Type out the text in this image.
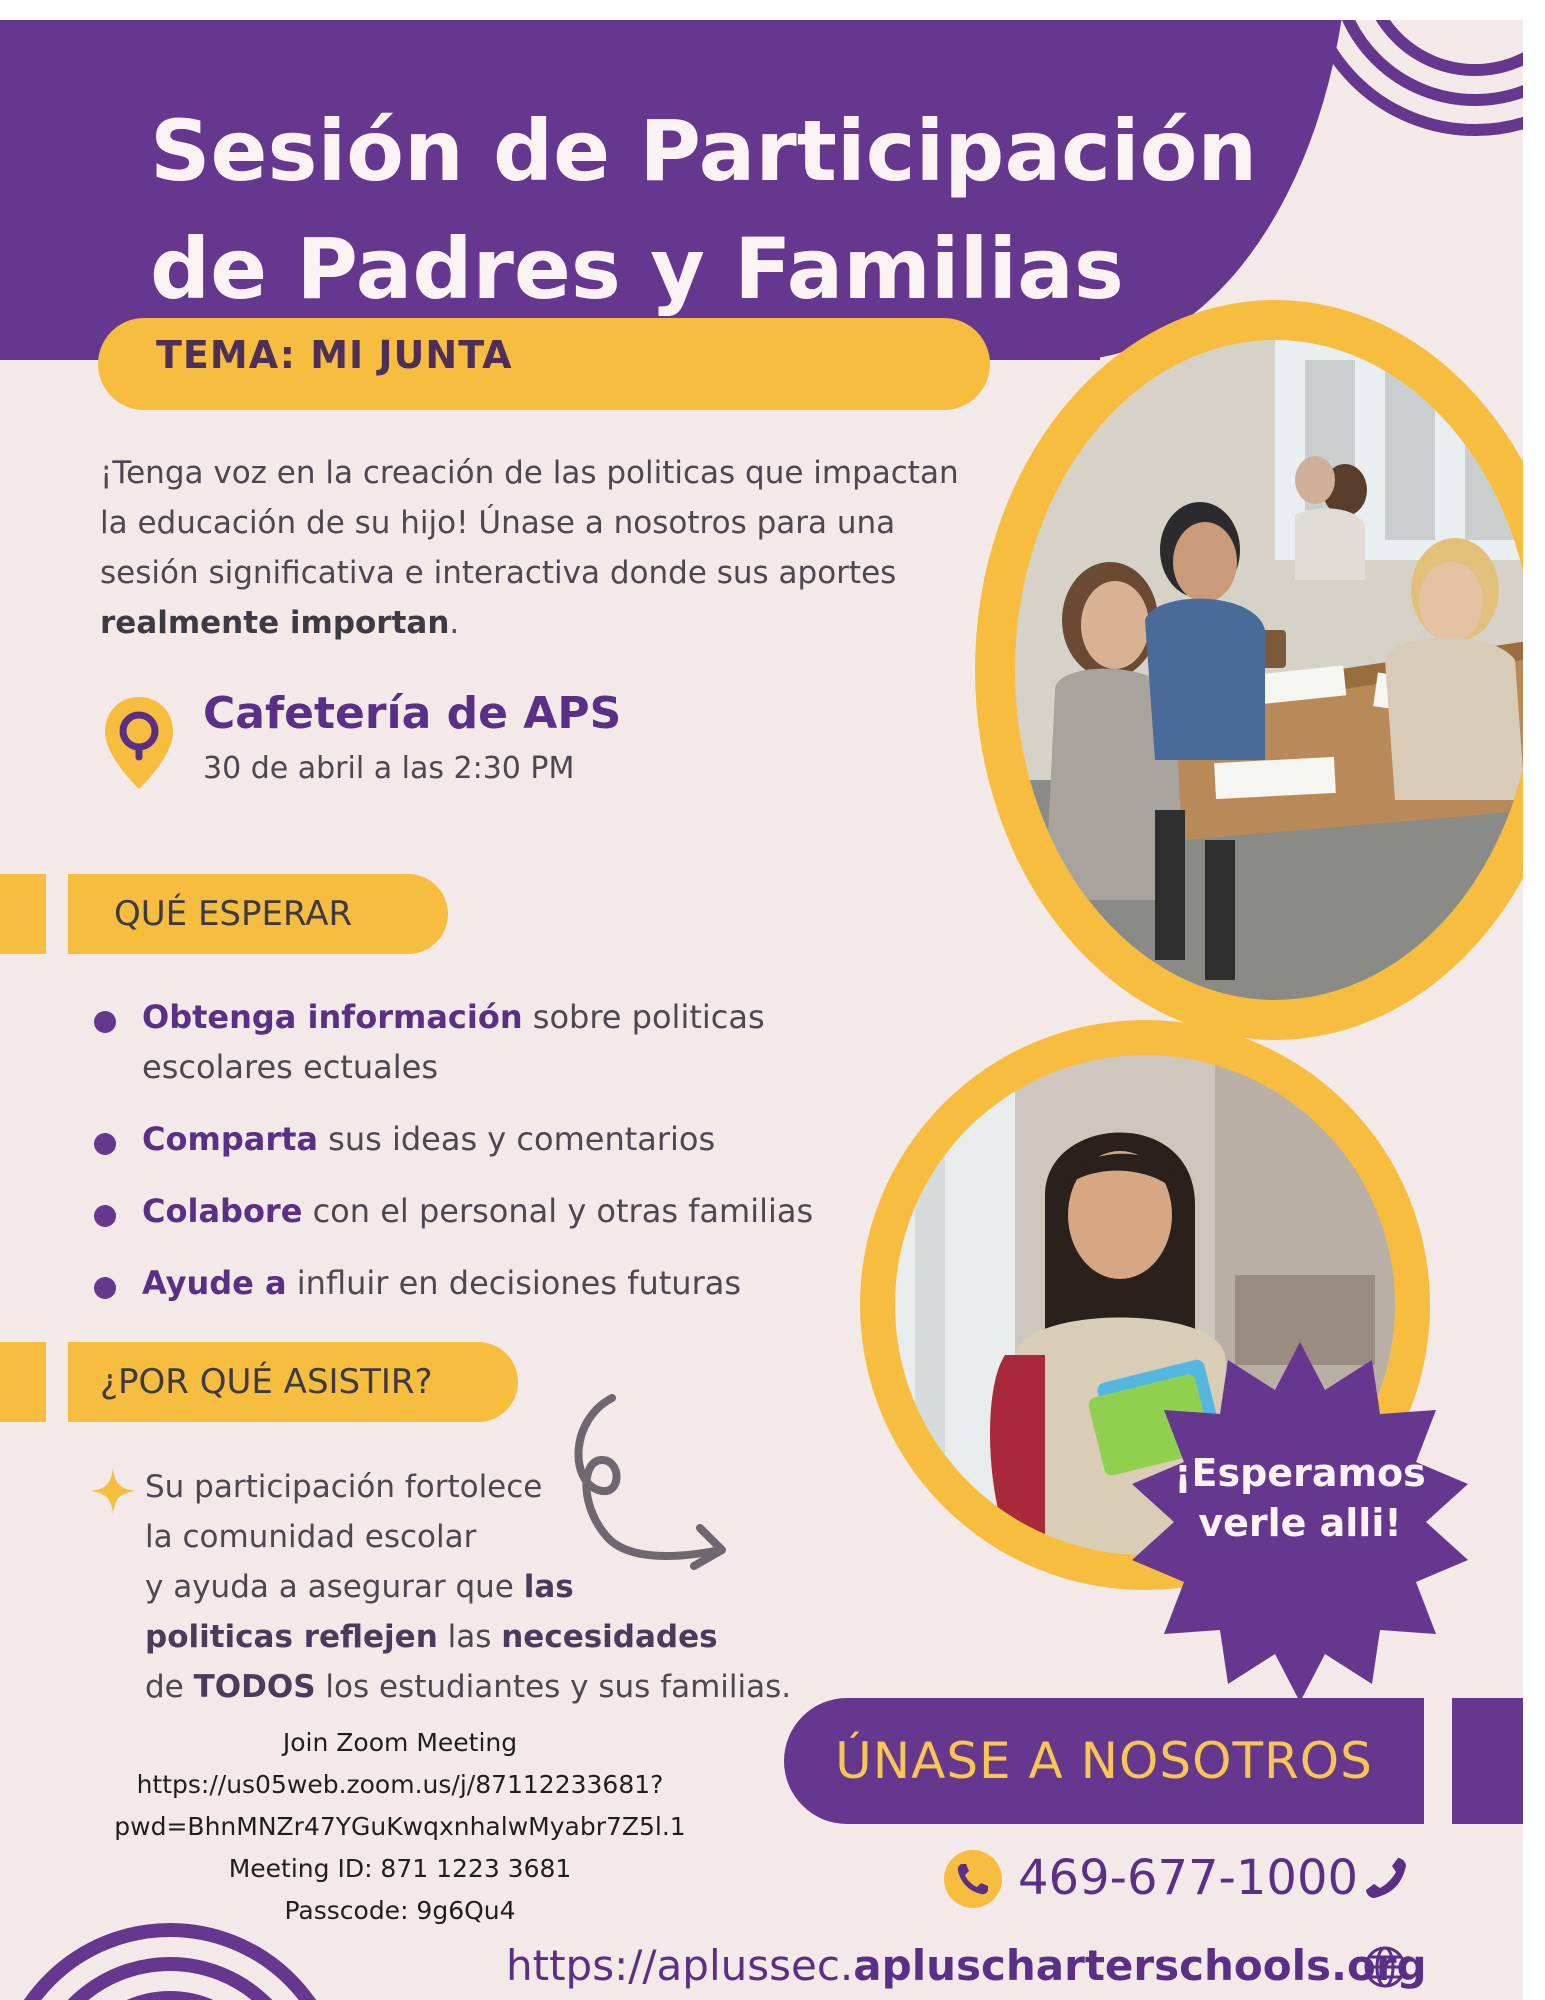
Sesión de Participación
de Padres y Familias
TEMA: MI JUNTA

¡Tenga voz en la creación de las politicas que impactan la educación de su hijo! Únase a nosotros para una sesión significativa e interactiva donde sus aportes realmente importan.

Cafetería de APS
30 de abril a las 2:30 PM
QUÉ ESPERAR
Obtenga información sobre politicas escolares ectuales
Comparta sus ideas y comentarios
Colabore con el personal y otras familias
Ayude a influir en decisiones futuras
¿POR QUÉ ASISTIR?
Su participación fortolece
la comunidad escolar
y ayuda a asegurar que las
politicas reflejen las necesidades
de TODOS los estudiantes y sus familias.
Join Zoom Meeting
https://us05web.zoom.us/j/87112233681?
pwd=BhnMNZr47YGuKwqxnhalwMyabr7Z5l.1
Meeting ID: 871 1223 3681
Passcode: 9g6Qu4
¡Esperamos
verle alli!
ÚNASE A NOSOTROS
469-677-1000
https://aplussec.apluscharterschools.org
